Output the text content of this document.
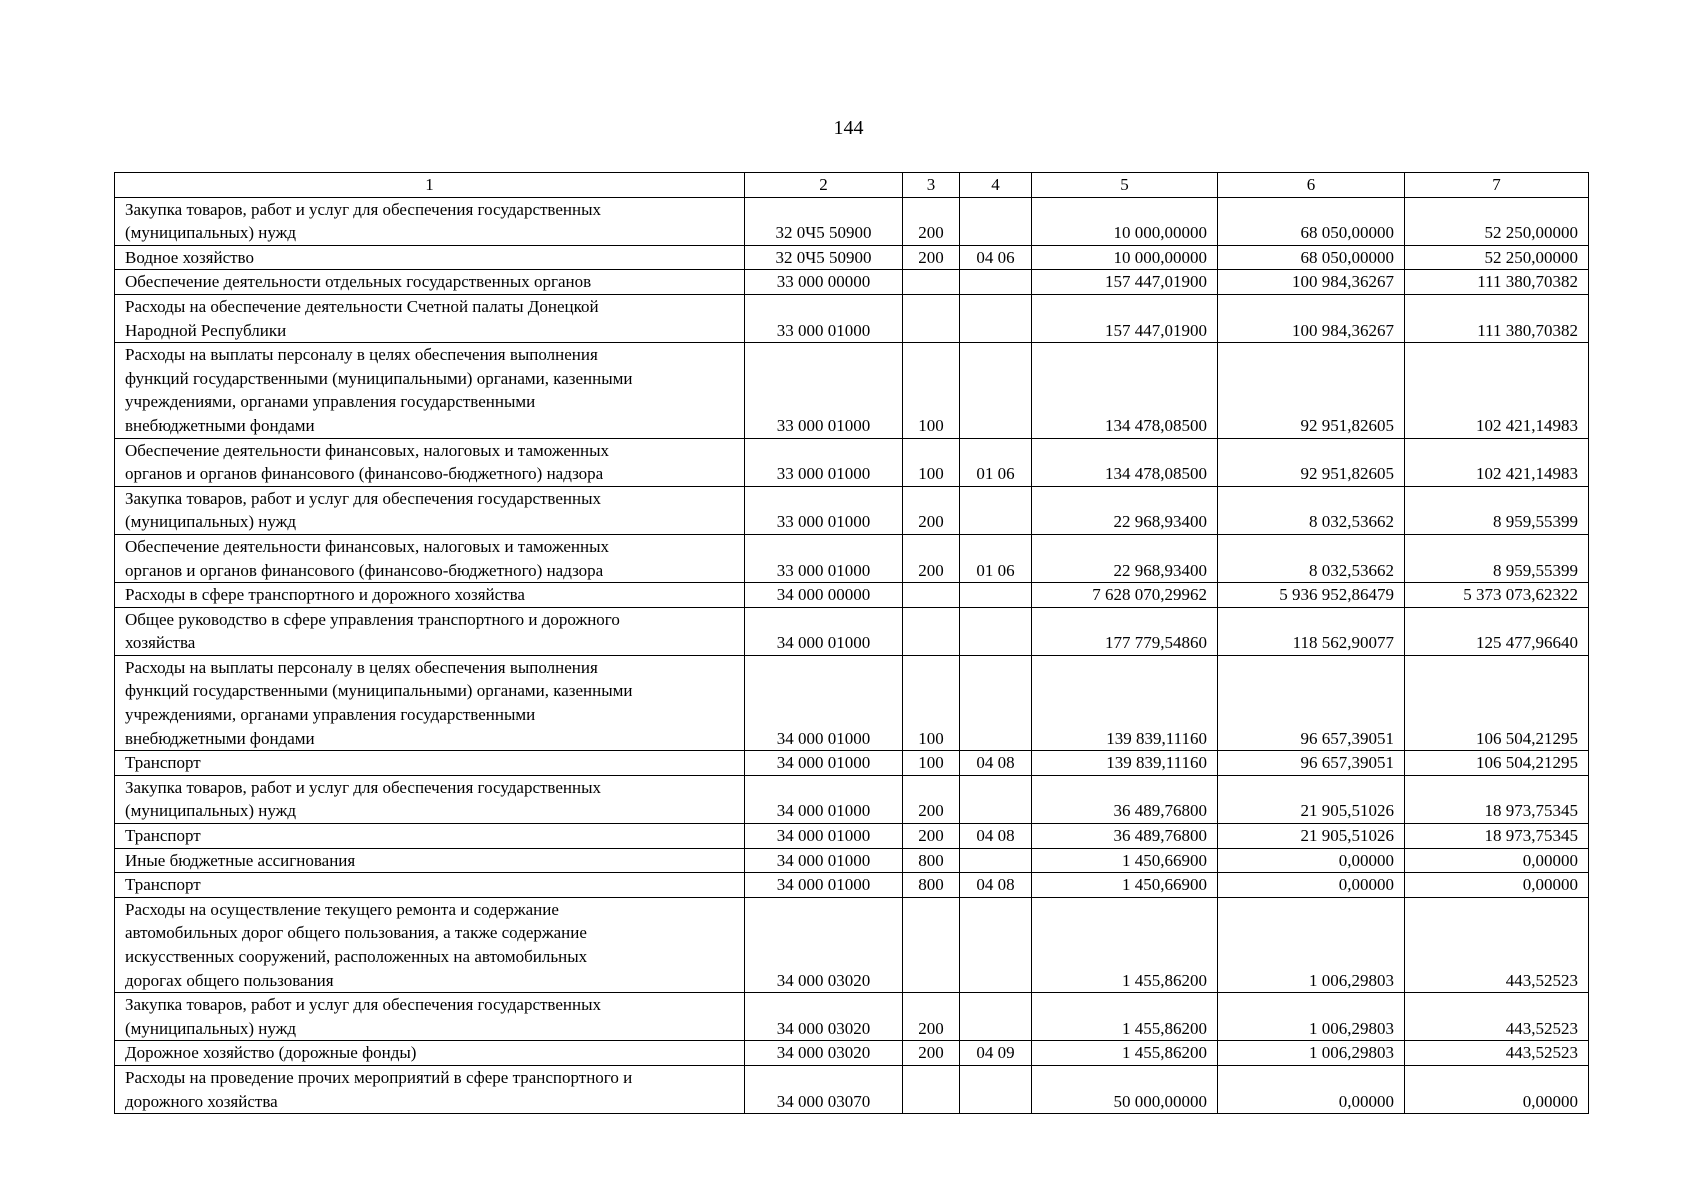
144
1	2	3	4	5	6	7
Закупка товаров, работ и услуг для обеспечения государственных
(муниципальных) нужд	32 0Ч5 50900	200		10 000,00000	68 050,00000	52 250,00000
Водное хозяйство	32 0Ч5 50900	200	04 06	10 000,00000	68 050,00000	52 250,00000
Обеспечение деятельности отдельных государственных органов	33 000 00000			157 447,01900	100 984,36267	111 380,70382
Расходы на обеспечение деятельности Счетной палаты Донецкой
Народной Республики	33 000 01000			157 447,01900	100 984,36267	111 380,70382
Расходы на выплаты персоналу в целях обеспечения выполнения
функций государственными (муниципальными) органами, казенными
учреждениями, органами управления государственными
внебюджетными фондами	33 000 01000	100		134 478,08500	92 951,82605	102 421,14983
Обеспечение деятельности финансовых, налоговых и таможенных
органов и органов финансового (финансово-бюджетного) надзора	33 000 01000	100	01 06	134 478,08500	92 951,82605	102 421,14983
Закупка товаров, работ и услуг для обеспечения государственных
(муниципальных) нужд	33 000 01000	200		22 968,93400	8 032,53662	8 959,55399
Обеспечение деятельности финансовых, налоговых и таможенных
органов и органов финансового (финансово-бюджетного) надзора	33 000 01000	200	01 06	22 968,93400	8 032,53662	8 959,55399
Расходы в сфере транспортного и дорожного хозяйства	34 000 00000			7 628 070,29962	5 936 952,86479	5 373 073,62322
Общее руководство в сфере управления транспортного и дорожного
хозяйства	34 000 01000			177 779,54860	118 562,90077	125 477,96640
Расходы на выплаты персоналу в целях обеспечения выполнения
функций государственными (муниципальными) органами, казенными
учреждениями, органами управления государственными
внебюджетными фондами	34 000 01000	100		139 839,11160	96 657,39051	106 504,21295
Транспорт	34 000 01000	100	04 08	139 839,11160	96 657,39051	106 504,21295
Закупка товаров, работ и услуг для обеспечения государственных
(муниципальных) нужд	34 000 01000	200		36 489,76800	21 905,51026	18 973,75345
Транспорт	34 000 01000	200	04 08	36 489,76800	21 905,51026	18 973,75345
Иные бюджетные ассигнования	34 000 01000	800		1 450,66900	0,00000	0,00000
Транспорт	34 000 01000	800	04 08	1 450,66900	0,00000	0,00000
Расходы на осуществление текущего ремонта и содержание
автомобильных дорог общего пользования, а также содержание
искусственных сооружений, расположенных на автомобильных
дорогах общего пользования	34 000 03020			1 455,86200	1 006,29803	443,52523
Закупка товаров, работ и услуг для обеспечения государственных
(муниципальных) нужд	34 000 03020	200		1 455,86200	1 006,29803	443,52523
Дорожное хозяйство (дорожные фонды)	34 000 03020	200	04 09	1 455,86200	1 006,29803	443,52523
Расходы на проведение прочих мероприятий в сфере транспортного и
дорожного хозяйства	34 000 03070			50 000,00000	0,00000	0,00000
